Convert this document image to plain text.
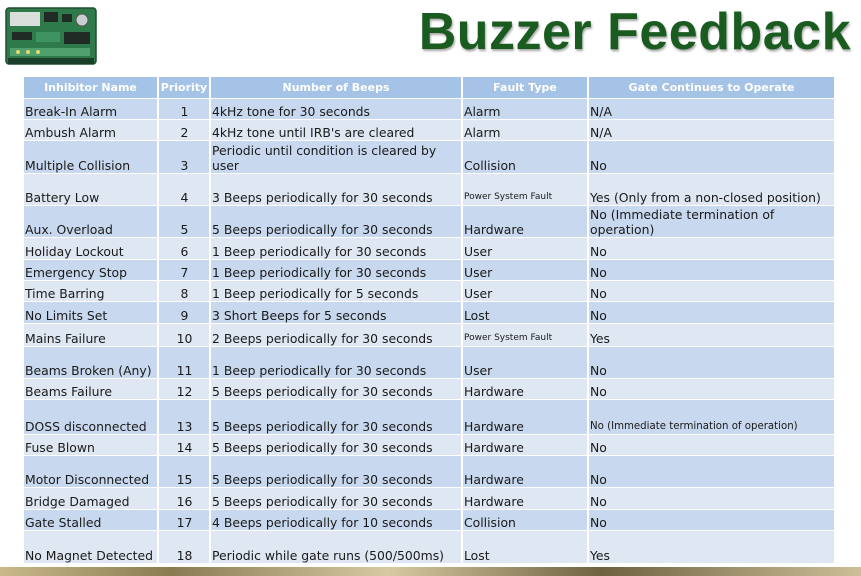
Buzzer Feedback
Inhibitor Name	Priority	Number of Beeps	Fault Type	Gate Continues to Operate
Break-In Alarm	1	4kHz tone for 30 seconds	Alarm	N/A
Ambush Alarm	2	4kHz tone until IRB's are cleared	Alarm	N/A
Multiple Collision	3	Periodic until condition is cleared by user	Collision	No
Battery Low	4	3 Beeps periodically for 30 seconds	Power System Fault	Yes (Only from a non-closed position)
Aux. Overload	5	5 Beeps periodically for 30 seconds	Hardware	No (Immediate termination of operation)
Holiday Lockout	6	1 Beep periodically for 30 seconds	User	No
Emergency Stop	7	1 Beep periodically for 30 seconds	User	No
Time Barring	8	1 Beep periodically for 5 seconds	User	No
No Limits Set	9	3 Short Beeps for 5 seconds	Lost	No
Mains Failure	10	2 Beeps periodically for 30 seconds	Power System Fault	Yes
Beams Broken (Any)	11	1 Beep periodically for 30 seconds	User	No
Beams Failure	12	5 Beeps periodically for 30 seconds	Hardware	No
DOSS disconnected	13	5 Beeps periodically for 30 seconds	Hardware	No (Immediate termination of operation)
Fuse Blown	14	5 Beeps periodically for 30 seconds	Hardware	No
Motor Disconnected	15	5 Beeps periodically for 30 seconds	Hardware	No
Bridge Damaged	16	5 Beeps periodically for 30 seconds	Hardware	No
Gate Stalled	17	4 Beeps periodically for 10 seconds	Collision	No
No Magnet Detected	18	Periodic while gate runs (500/500ms)	Lost	Yes
